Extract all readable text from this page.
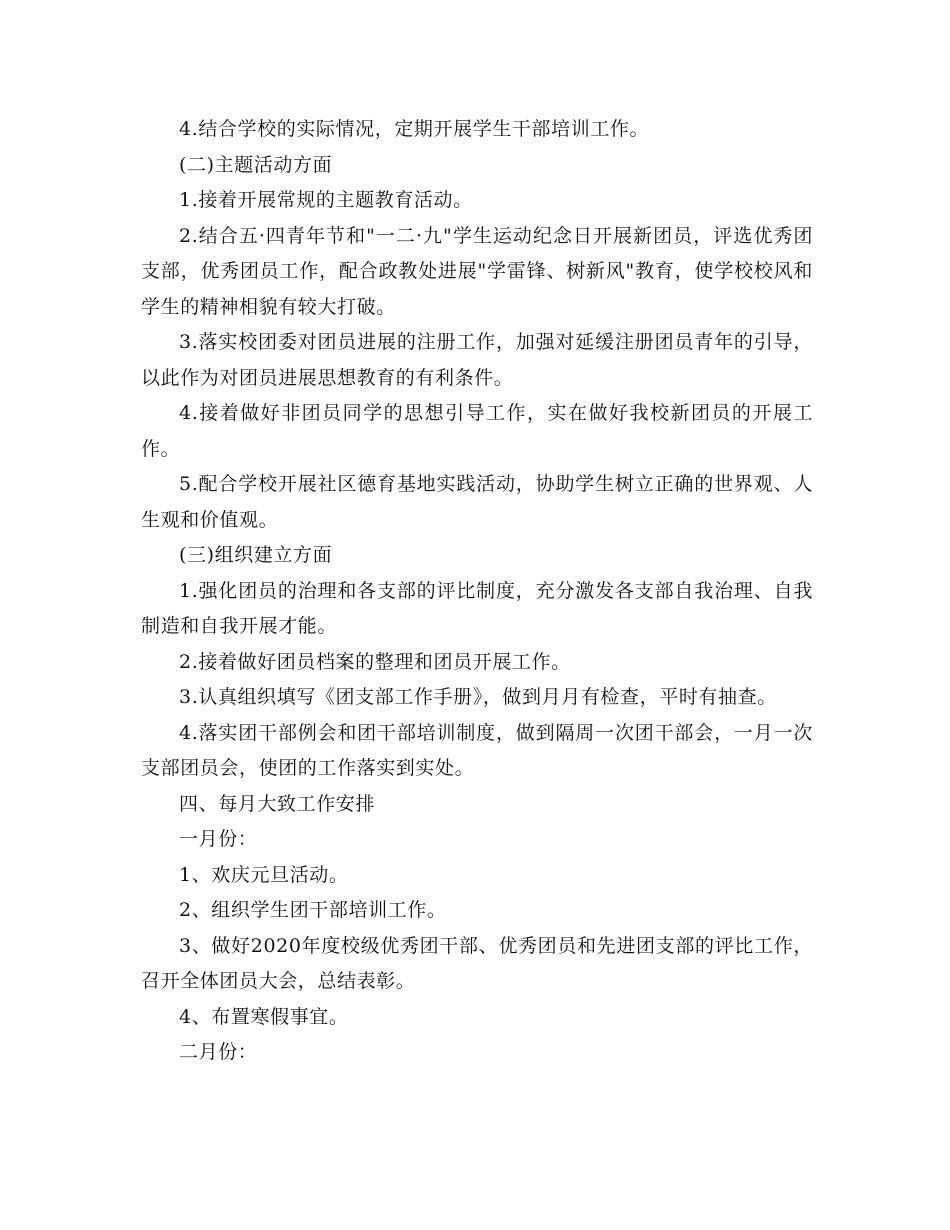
4.结合学校的实际情况，定期开展学生干部培训工作。

(二)主题活动方面

1.接着开展常规的主题教育活动。

2.结合五·四青年节和"一二·九"学生运动纪念日开展新团员，评选优秀团支部，优秀团员工作，配合政教处进展"学雷锋、树新风"教育，使学校校风和学生的精神相貌有较大打破。

3.落实校团委对团员进展的注册工作，加强对延缓注册团员青年的引导，以此作为对团员进展思想教育的有利条件。

4.接着做好非团员同学的思想引导工作，实在做好我校新团员的开展工作。

5.配合学校开展社区德育基地实践活动，协助学生树立正确的世界观、人生观和价值观。

(三)组织建立方面

1.强化团员的治理和各支部的评比制度，充分激发各支部自我治理、自我制造和自我开展才能。

2.接着做好团员档案的整理和团员开展工作。

3.认真组织填写《团支部工作手册》，做到月月有检查，平时有抽查。

4.落实团干部例会和团干部培训制度，做到隔周一次团干部会，一月一次支部团员会，使团的工作落实到实处。

四、每月大致工作安排

一月份：

1、欢庆元旦活动。

2、组织学生团干部培训工作。

3、做好2020年度校级优秀团干部、优秀团员和先进团支部的评比工作，召开全体团员大会，总结表彰。

4、布置寒假事宜。

二月份：
